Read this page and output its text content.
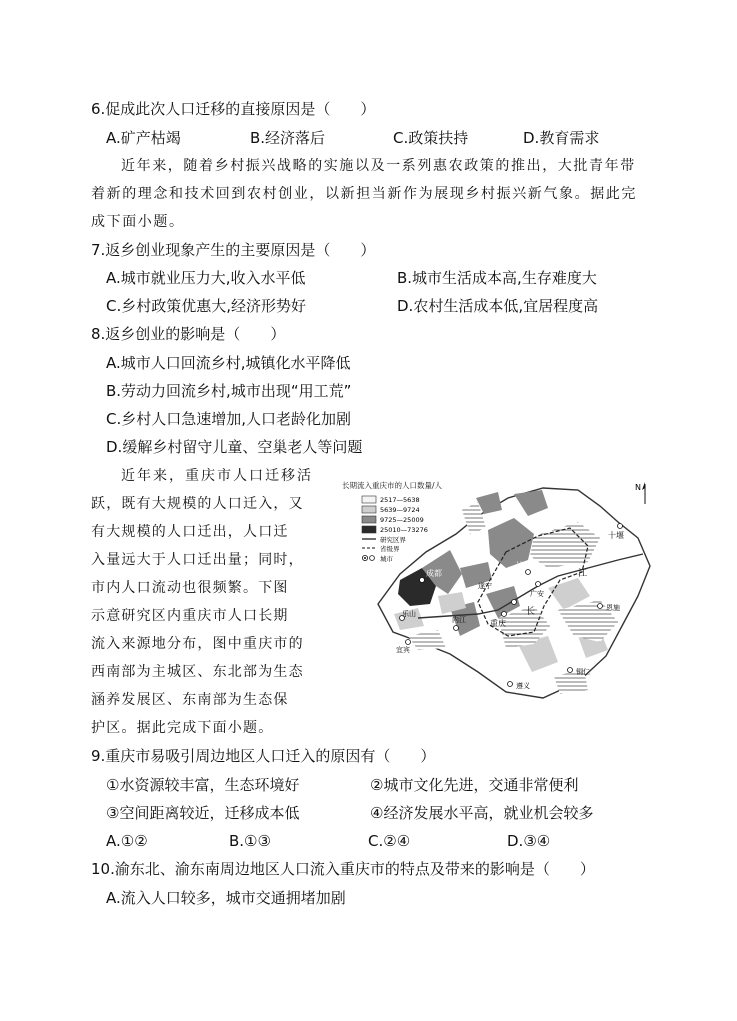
6.促成此次人口迁移的直接原因是（　　）
A.矿产枯竭	B.经济落后	C.政策扶持	D.教育需求
近年来，随着乡村振兴战略的实施以及一系列惠农政策的推出，大批青年带
着新的理念和技术回到农村创业，以新担当新作为展现乡村振兴新气象。据此完
成下面小题。
7.返乡创业现象产生的主要原因是（　　）
A.城市就业压力大,收入水平低	B.城市生活成本高,生存难度大
C.乡村政策优惠大,经济形势好	D.农村生活成本低,宜居程度高
8.返乡创业的影响是（　　）
A.城市人口回流乡村,城镇化水平降低
B.劳动力回流乡村,城市出现“用工荒”
C.乡村人口急速增加,人口老龄化加剧
D.缓解乡村留守儿童、空巢老人等问题
近年来，重庆市人口迁移活
跃，既有大规模的人口迁入，又
有大规模的人口迁出，人口迁
入量远大于人口迁出量；同时，
市内人口流动也很频繁。下图
示意研究区内重庆市人口长期
流入来源地分布，图中重庆市的
西南部为主城区、东北部为生态
涵养发展区、东南部为生态保
护区。据此完成下面小题。
长期流入重庆市的人口数量/人
2517—5638
5639—9724
9725—25009
25010—73276
研究区界
省级界
城市
N
成都
遂宁
达州
广安
十堰
恩施
重庆
内江
乐山
宜宾
遵义
铜仁
江
长
9.重庆市易吸引周边地区人口迁入的原因有（　　）
①水资源较丰富，生态环境好	②城市文化先进，交通非常便利
③空间距离较近，迁移成本低	④经济发展水平高，就业机会较多
A.①②	B.①③	C.②④	D.③④
10.渝东北、渝东南周边地区人口流入重庆市的特点及带来的影响是（　　）
A.流入人口较多，城市交通拥堵加剧
